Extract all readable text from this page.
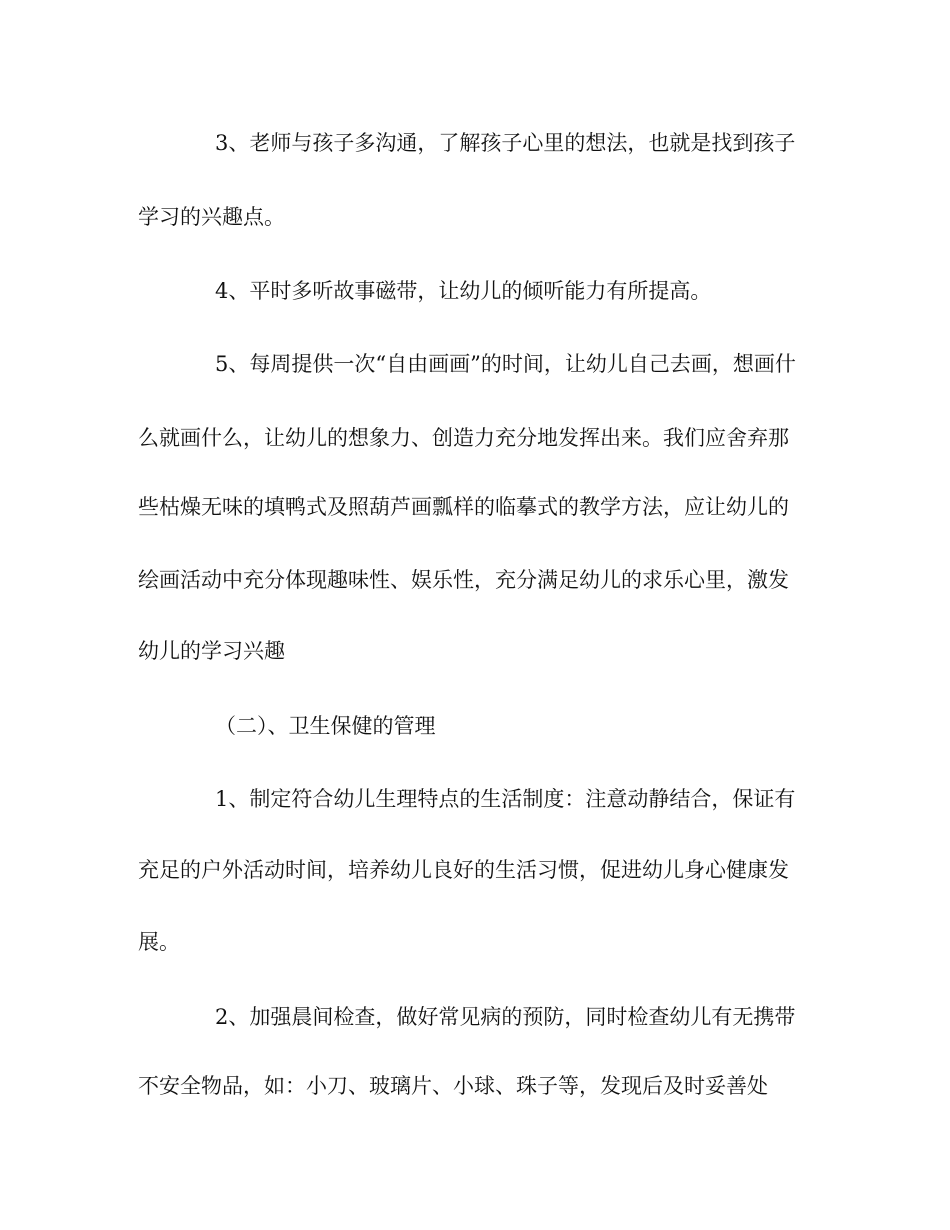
3、老师与孩子多沟通，了解孩子心里的想法，也就是找到孩子
学习的兴趣点。
4、平时多听故事磁带，让幼儿的倾听能力有所提高。
5、每周提供一次“自由画画”的时间，让幼儿自己去画，想画什
么就画什么，让幼儿的想象力、创造力充分地发挥出来。我们应舍弃那
些枯燥无味的填鸭式及照葫芦画瓢样的临摹式的教学方法，应让幼儿的
绘画活动中充分体现趣味性、娱乐性，充分满足幼儿的求乐心里，激发
幼儿的学习兴趣
（二）、卫生保健的管理
1、制定符合幼儿生理特点的生活制度：注意动静结合，保证有
充足的户外活动时间，培养幼儿良好的生活习惯，促进幼儿身心健康发
展。
2、加强晨间检查，做好常见病的预防，同时检查幼儿有无携带
不安全物品，如：小刀、玻璃片、小球、珠子等，发现后及时妥善处
